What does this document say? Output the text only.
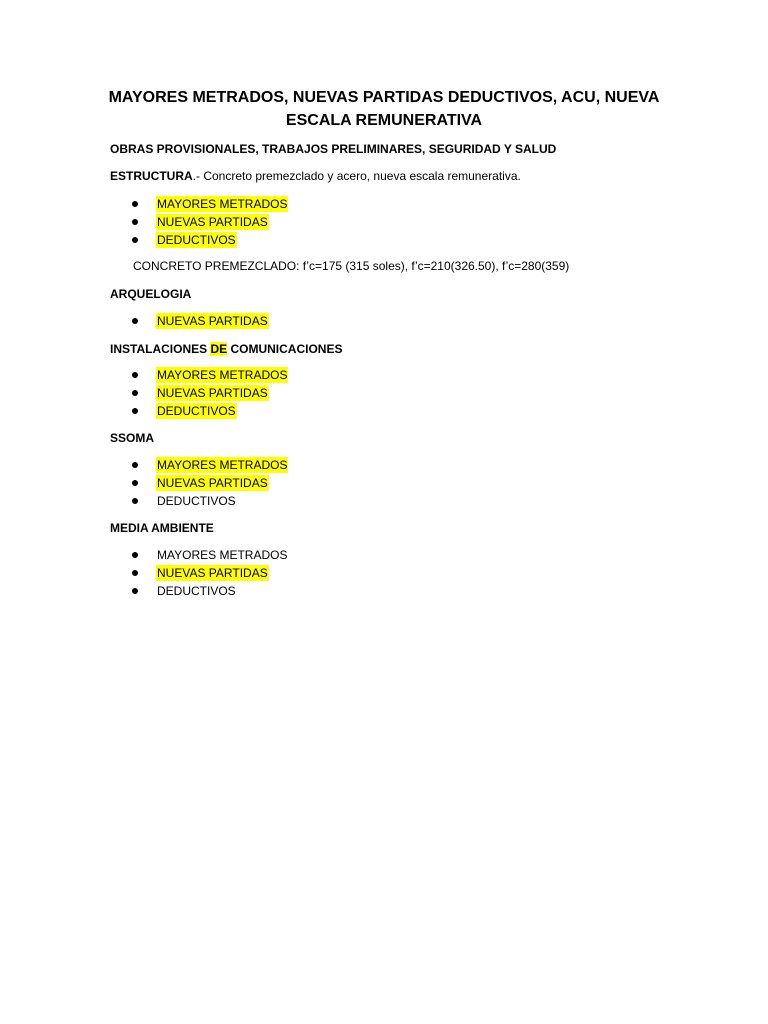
MAYORES METRADOS, NUEVAS PARTIDAS DEDUCTIVOS, ACU, NUEVA
ESCALA REMUNERATIVA
OBRAS PROVISIONALES, TRABAJOS PRELIMINARES, SEGURIDAD Y SALUD
ESTRUCTURA.- Concreto premezclado y acero, nueva escala remunerativa.
MAYORES METRADOS
NUEVAS PARTIDAS
DEDUCTIVOS
CONCRETO PREMEZCLADO: f’c=175 (315 soles), f’c=210(326.50), f’c=280(359)
ARQUELOGIA
NUEVAS PARTIDAS
INSTALACIONES DE COMUNICACIONES
MAYORES METRADOS
NUEVAS PARTIDAS
DEDUCTIVOS
SSOMA
MAYORES METRADOS
NUEVAS PARTIDAS
DEDUCTIVOS
MEDIA AMBIENTE
MAYORES METRADOS
NUEVAS PARTIDAS
DEDUCTIVOS
